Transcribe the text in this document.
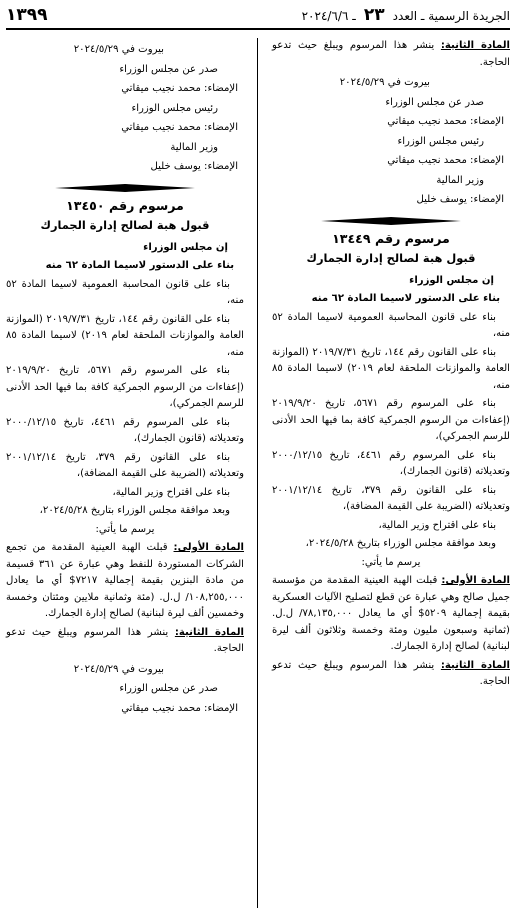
الجريدة الرسمية ـ العدد ٢٣ ـ ٢٠٢٤/٦/٦
١٣٩٩

المادة الثانية: ينشر هذا المرسوم ويبلغ حيث تدعو الحاجة.

بيروت في ٢٠٢٤/٥/٢٩

صدر عن مجلس الوزراء

الإمضاء: محمد نجيب ميقاتي

رئيس مجلس الوزراء

الإمضاء: محمد نجيب ميقاتي

وزير المالية

الإمضاء: يوسف خليل

مرسوم رقم ١٣٤٤٩

قبول هبة لصالح إدارة الجمارك

إن مجلس الوزراء

بناء على الدستور لاسيما المادة ٦٢ منه

بناء على قانون المحاسبة العمومية لاسيما المادة ٥٢ منه،

بناء على القانون رقم ١٤٤، تاريخ ٢٠١٩/٧/٣١ (الموازنة العامة والموازنات الملحقة لعام ٢٠١٩) لاسيما المادة ٨٥ منه،

بناء على المرسوم رقم ٥٦٧١، تاريخ ٢٠١٩/٩/٢٠ (إعفاءات من الرسوم الجمركية كافة بما فيها الحد الأدنى للرسم الجمركي)،

بناء على المرسوم رقم ٤٤٦١، تاريخ ٢٠٠٠/١٢/١٥ وتعديلاته (قانون الجمارك)،

بناء على القانون رقم ٣٧٩، تاريخ ٢٠٠١/١٢/١٤ وتعديلاته (الضريبة على القيمة المضافة)،

بناء على اقتراح وزير المالية،

وبعد موافقة مجلس الوزراء بتاريخ ٢٠٢٤/٥/٢٨،

يرسم ما يأتي:

المادة الأولى: قبلت الهبة العينية المقدمة من مؤسسة جميل صالح وهي عبارة عن قطع لتصليح الآليات العسكرية بقيمة إجمالية ٥٢٠٩$ أي ما يعادل ٧٨,١٣٥,٠٠٠/ ل.ل. (ثمانية وسبعون مليون ومئة وخمسة وثلاثون ألف ليرة لبنانية) لصالح إدارة الجمارك.

المادة الثانية: ينشر هذا المرسوم ويبلغ حيث تدعو الحاجة.

بيروت في ٢٠٢٤/٥/٢٩

صدر عن مجلس الوزراء

الإمضاء: محمد نجيب ميقاتي

رئيس مجلس الوزراء

الإمضاء: محمد نجيب ميقاتي

وزير المالية

الإمضاء: يوسف خليل

مرسوم رقم ١٣٤٥٠

قبول هبة لصالح إدارة الجمارك

إن مجلس الوزراء

بناء على الدستور لاسيما المادة ٦٢ منه

بناء على قانون المحاسبة العمومية لاسيما المادة ٥٢ منه،

بناء على القانون رقم ١٤٤، تاريخ ٢٠١٩/٧/٣١ (الموازنة العامة والموازنات الملحقة لعام ٢٠١٩) لاسيما المادة ٨٥ منه،

بناء على المرسوم رقم ٥٦٧١، تاريخ ٢٠١٩/٩/٢٠ (إعفاءات من الرسوم الجمركية كافة بما فيها الحد الأدنى للرسم الجمركي)،

بناء على المرسوم رقم ٤٤٦١، تاريخ ٢٠٠٠/١٢/١٥ وتعديلاته (قانون الجمارك)،

بناء على القانون رقم ٣٧٩، تاريخ ٢٠٠١/١٢/١٤ وتعديلاته (الضريبة على القيمة المضافة)،

بناء على اقتراح وزير المالية،

وبعد موافقة مجلس الوزراء بتاريخ ٢٠٢٤/٥/٢٨،

يرسم ما يأتي:

المادة الأولى: قبلت الهبة العينية المقدمة من تجمع الشركات المستوردة للنفط وهي عبارة عن ٣٦١ قسيمة من مادة البنزين بقيمة إجمالية ٧٢١٧$ أي ما يعادل ١٠٨,٢٥٥,٠٠٠/ ل.ل. (مئة وثمانية ملايين ومئتان وخمسة وخمسين ألف ليرة لبنانية) لصالح إدارة الجمارك.

المادة الثانية: ينشر هذا المرسوم ويبلغ حيث تدعو الحاجة.

بيروت في ٢٠٢٤/٥/٢٩

صدر عن مجلس الوزراء

الإمضاء: محمد نجيب ميقاتي
